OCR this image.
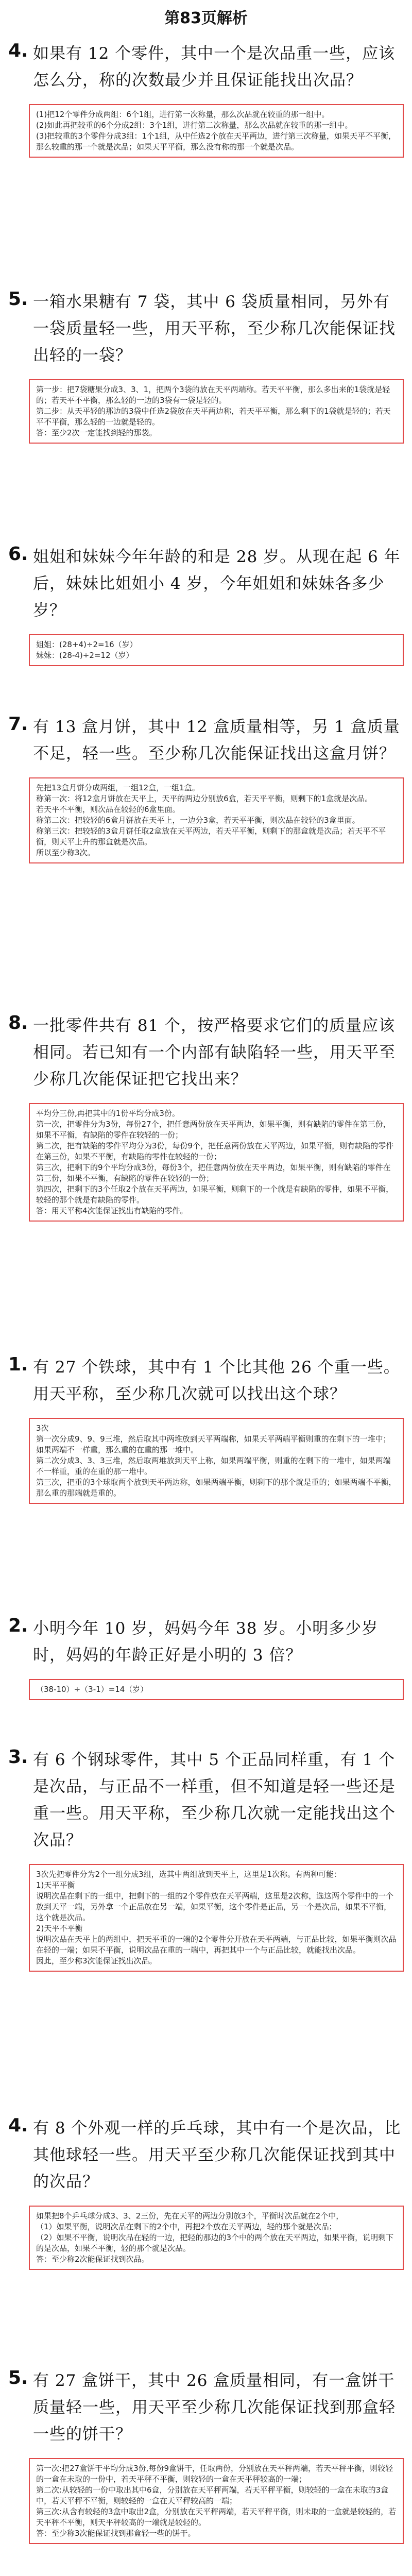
第83页解析
4. 如果有 12 个零件，其中一个是次品重一些，应该怎么分，称的次数最少并且保证能找出次品？
(1)把12个零件分成两组：6个1组，进行第一次称量，那么次品就在较重的那一组中。
(2)如此再把较重的6个分成2组：3个1组，进行第二次称量，那么次品就在较重的那一组中。
(3)把较重的3个零件分成3组：1个1组，从中任选2个放在天平两边，进行第三次称量，如果天平不平衡，那么较重的那一个就是次品；如果天平平衡，那么没有称的那一个就是次品。
5. 一箱水果糖有 7 袋，其中 6 袋质量相同，另外有一袋质量轻一些，用天平称，至少称几次能保证找出轻的一袋？
第一步：把7袋糖果分成3、3、1，把两个3袋的放在天平两端称。若天平平衡，那么多出来的1袋就是轻的；若天平不平衡，那么轻的一边的3袋有一袋是轻的。
第二步：从天平轻的那边的3袋中任选2袋放在天平两边称，若天平平衡，那么剩下的1袋就是轻的；若天平不平衡，那么轻的一边就是轻的。
答：至少2次一定能找到轻的那袋。
6. 姐姐和妹妹今年年龄的和是 28 岁。从现在起 6 年后，妹妹比姐姐小 4 岁，今年姐姐和妹妹各多少岁？
姐姐：(28+4)÷2=16（岁）
妹妹：(28-4)÷2=12（岁）
7. 有 13 盒月饼，其中 12 盒质量相等，另 1 盒质量不足，轻一些。至少称几次能保证找出这盒月饼？
先把13盒月饼分成两组，一组12盒，一组1盒。
称第一次：将12盒月饼放在天平上，天平的两边分别放6盒，若天平平衡，则剩下的1盒就是次品。
若天平不平衡，则次品在较轻的6盒里面。
称第二次：把较轻的6盒月饼放在天平上，一边分3盒，若天平平衡，则次品在较轻的3盒里面。
称第三次：把较轻的3盒月饼任取2盒放在天平两边，若天平平衡，则剩下的那盒就是次品；若天平不平衡，则天平上升的那盒就是次品。
所以至少称3次。
8. 一批零件共有 81 个，按严格要求它们的质量应该相同。若已知有一个内部有缺陷轻一些，用天平至少称几次能保证把它找出来？
平均分三份,再把其中的1份平均分成3份。
第一次，把零件分为3份，每份27个，把任意两份放在天平两边，如果平衡，则有缺陷的零件在第三份，如果不平衡，有缺陷的零件在较轻的一份；
第二次，把有缺陷的零件平均分为3份，每份9个，把任意两份放在天平两边，如果平衡，则有缺陷的零件在第三份，如果不平衡，有缺陷的零件在较轻的一份；
第三次，把剩下的9个平均分成3份，每份3个，把任意两份放在天平两边，如果平衡，则有缺陷的零件在第三份，如果不平衡，有缺陷的零件在较轻的一份；
第四次，把剩下的3个任取2个放在天平两边，如果平衡，则剩下的一个就是有缺陷的零件，如果不平衡，较轻的那个就是有缺陷的零件。
答：用天平称4次能保证找出有缺陷的零件。
1. 有 27 个铁球，其中有 1 个比其他 26 个重一些。用天平称，至少称几次就可以找出这个球？
3次
第一次分成9、9、9三堆，然后取其中两堆放到天平两端称，如果天平两端平衡则重的在剩下的一堆中；如果两端不一样重，那么重的在重的那一堆中。
第二次分成3、3、3三堆，然后取两堆放到天平上称，如果两端平衡，则重的在剩下的一堆中，如果两端不一样重，重的在重的那一堆中。
第三次，把重的3个球取两个放到天平两边称，如果两端平衡，则剩下的那个就是重的；如果两端不平衡，那么重的那端就是重的。
2. 小明今年 10 岁，妈妈今年 38 岁。小明多少岁时，妈妈的年龄正好是小明的 3 倍？
（38-10）÷（3-1）=14（岁）
3. 有 6 个钢球零件，其中 5 个正品同样重，有 1 个是次品，与正品不一样重，但不知道是轻一些还是重一些。用天平称，至少称几次就一定能找出这个次品？
3次先把零件分为2个一组分成3组，选其中两组放到天平上，这里是1次称。有两种可能：
1)天平平衡
说明次品在剩下的一组中，把剩下的一组的2个零件放在天平两端，这里是2次称，选这两个零件中的一个放到天平一端，另外拿一个正品放在另一端，如果平衡，这个零件是正品，另一个是次品，如果不平衡，这个就是次品。
2)天平不平衡
说明次品在天平上的两组中，把天平重的一端的2个零件分开放在天平两端，与正品比较，如果平衡则次品在轻的一端；如果不平衡，说明次品在重的一端中，再把其中一个与正品比较，就能找出次品。
因此，至少称3次能保证找出次品。
4. 有 8 个外观一样的乒乓球，其中有一个是次品，比其他球轻一些。用天平至少称几次能保证找到其中的次品？
如果把8个乒乓球分成3、3、2三份，先在天平的两边分别放3个，平衡时次品就在2个中，
（1）如果平衡，说明次品在剩下的2个中，再把2个放在天平两边，轻的那个就是次品；
（2）如果不平衡，说明次品在轻的一边，把轻的那边的3个中的两个放在天平两边，如果平衡，说明剩下的是次品，如果不平衡，轻的那个就是次品。
答：至少称2次能保证找到次品。
5. 有 27 盒饼干，其中 26 盒质量相同，有一盒饼干质量轻一些，用天平至少称几次能保证找到那盒轻一些的饼干？
第一次:把27盒饼干平均分成3份,每份9盒饼干，任取两份，分别放在天平秤两端，若天平秤平衡，则较轻的一盒在未取的一份中，若天平秤不平衡，则较轻的一盒在天平秤较高的一端；
第二次:从较轻的一份中取出其中6盒，分别放在天平秤两端，若天平秤平衡，则较轻的一盒在未取的3盒中，若天平秤不平衡，则较轻的一盒在天平秤较高的一端；
第三次:从含有较轻的3盒中取出2盒，分别放在天平秤两端，若天平秤平衡，则未取的一盒就是较轻的，若天平秤不平衡，则天平秤较高的一端就是较轻的。
答：至少称3次能保证找到那盒轻一些的饼干。
